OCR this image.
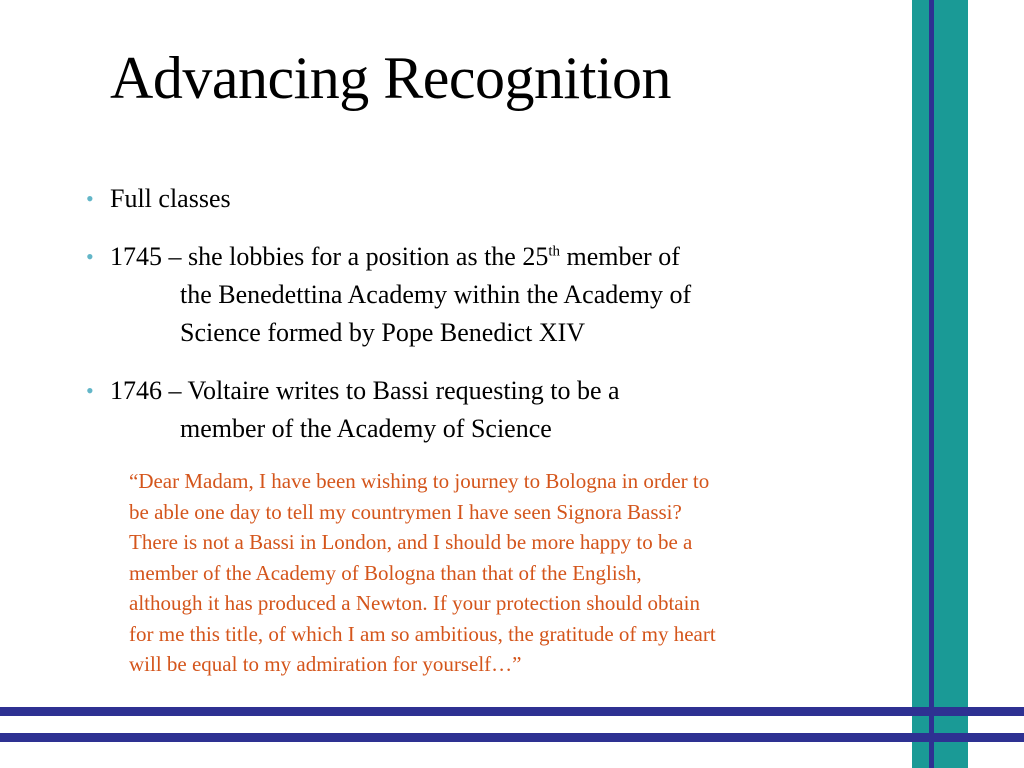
Advancing Recognition
• Full classes
• 1745 – she lobbies for a position as the 25th member of
the Benedettina Academy within the Academy of
Science formed by Pope Benedict XIV
• 1746 – Voltaire writes to Bassi requesting to be a
member of the Academy of Science
“Dear Madam, I have been wishing to journey to Bologna in order to
be able one day to tell my countrymen I have seen Signora Bassi?
There is not a Bassi in London, and I should be more happy to be a
member of the Academy of Bologna than that of the English,
although it has produced a Newton. If your protection should obtain
for me this title, of which I am so ambitious, the gratitude of my heart
will be equal to my admiration for yourself…”
